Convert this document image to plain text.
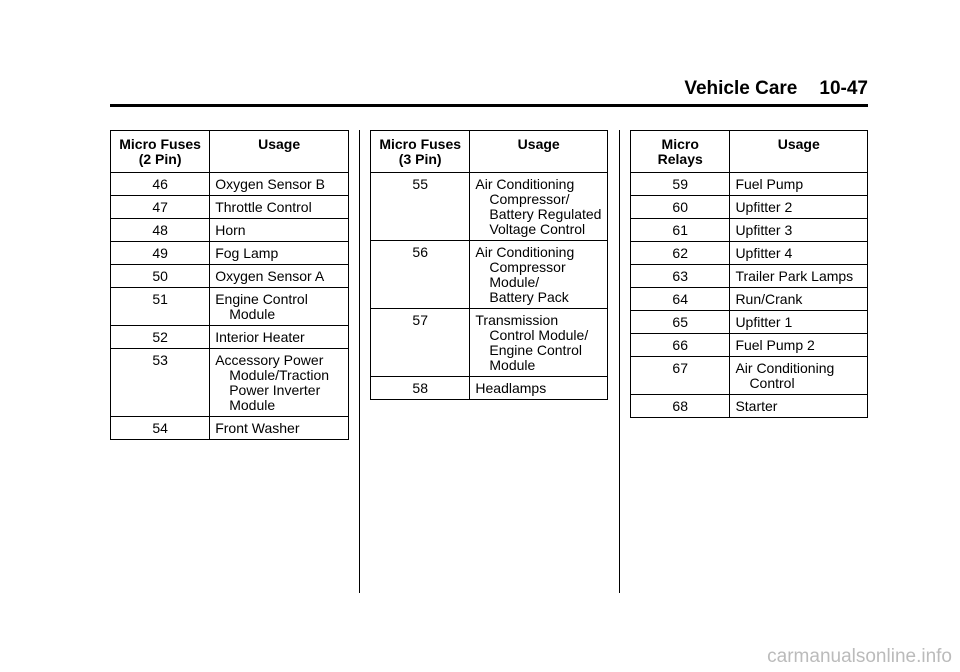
Vehicle Care 10-47
Micro Fuses
(2 Pin)	Usage
46	Oxygen Sensor B
47	Throttle Control
48	Horn
49	Fog Lamp
50	Oxygen Sensor A
51	Engine Control
Module
52	Interior Heater
53	Accessory Power
Module/Traction
Power Inverter
Module
54	Front Washer
Micro Fuses
(3 Pin)	Usage
55	Air Conditioning
Compressor/
Battery Regulated
Voltage Control
56	Air Conditioning
Compressor
Module/
Battery Pack
57	Transmission
Control Module/
Engine Control
Module
58	Headlamps
Micro
Relays	Usage
59	Fuel Pump
60	Upfitter 2
61	Upfitter 3
62	Upfitter 4
63	Trailer Park Lamps
64	Run/Crank
65	Upfitter 1
66	Fuel Pump 2
67	Air Conditioning
Control
68	Starter
carmanualsonline.info
